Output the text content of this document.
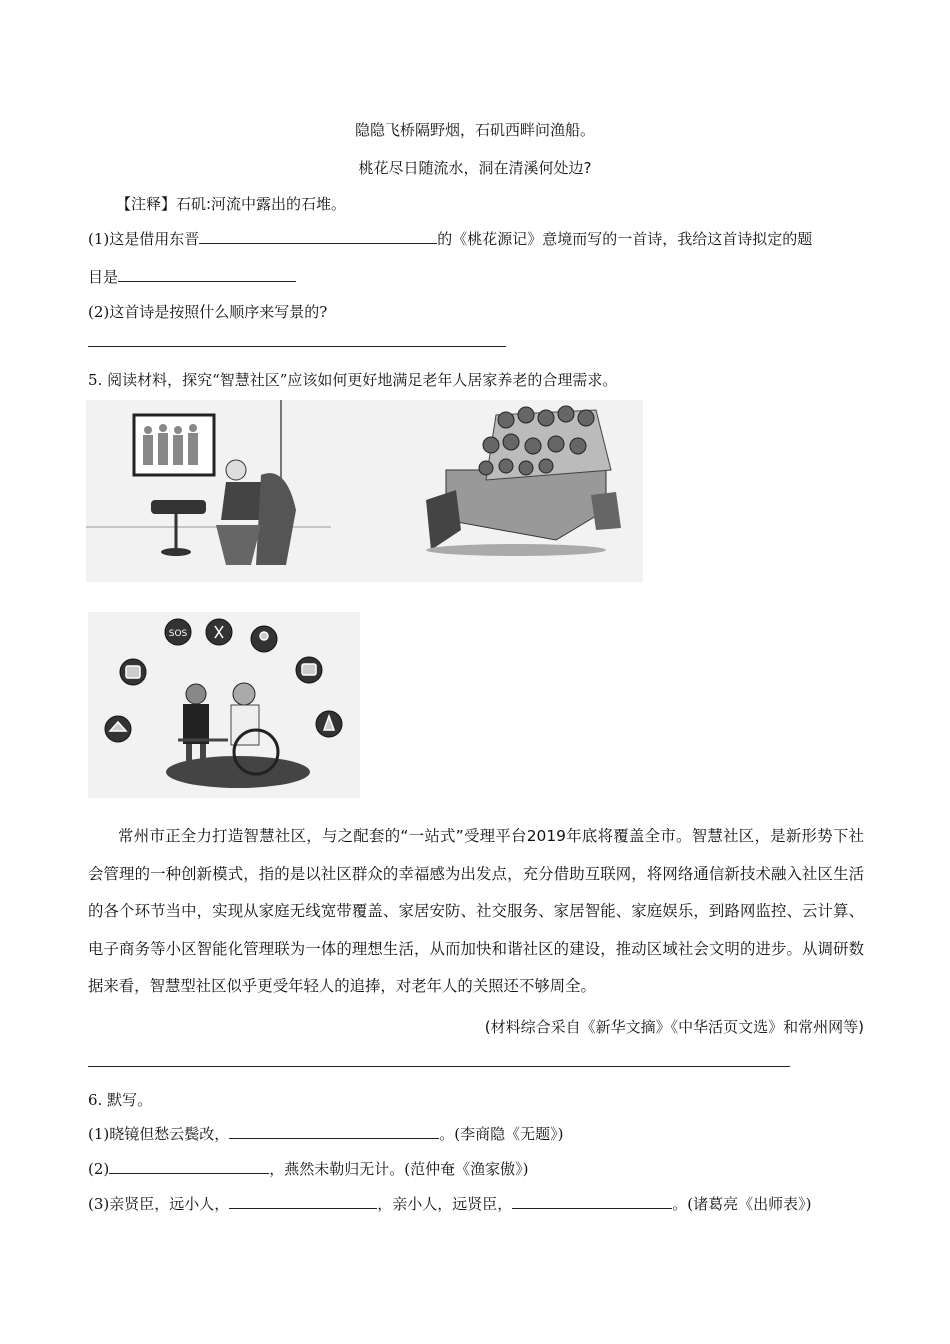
隐隐飞桥隔野烟，石矶西畔问渔船。
桃花尽日随流水，洞在清溪何处边?
【注释】石矶:河流中露出的石堆。
(1)这是借用东晋	的《桃花源记》意境而写的一首诗，我给这首诗拟定的题
目是
(2)这首诗是按照什么顺序来写景的?
5. 阅读材料，探究“智慧社区”应该如何更好地满足老年人居家养老的合理需求。
SOS

常州市正全力打造智慧社区，与之配套的“一站式”受理平台2019年底将覆盖全市。智慧社区，是新形势下社会管理的一种创新模式，指的是以社区群众的幸福感为出发点，充分借助互联网，将网络通信新技术融入社区生活的各个环节当中，实现从家庭无线宽带覆盖、家居安防、社交服务、家居智能、家庭娱乐，到路网监控、云计算、电子商务等小区智能化管理联为一体的理想生活，从而加快和谐社区的建设，推动区域社会文明的进步。从调研数据来看，智慧型社区似乎更受年轻人的追捧，对老年人的关照还不够周全。

(材料综合采自《新华文摘》《中华活页文选》和常州网等)
6. 默写。
(1)晓镜但愁云鬓改，	。(李商隐《无题》)
(2)	，燕然未勒归无计。(范仲奄《渔家傲》)
(3)亲贤臣，远小人，	，亲小人，远贤臣，	。(诸葛亮《出师表》)
